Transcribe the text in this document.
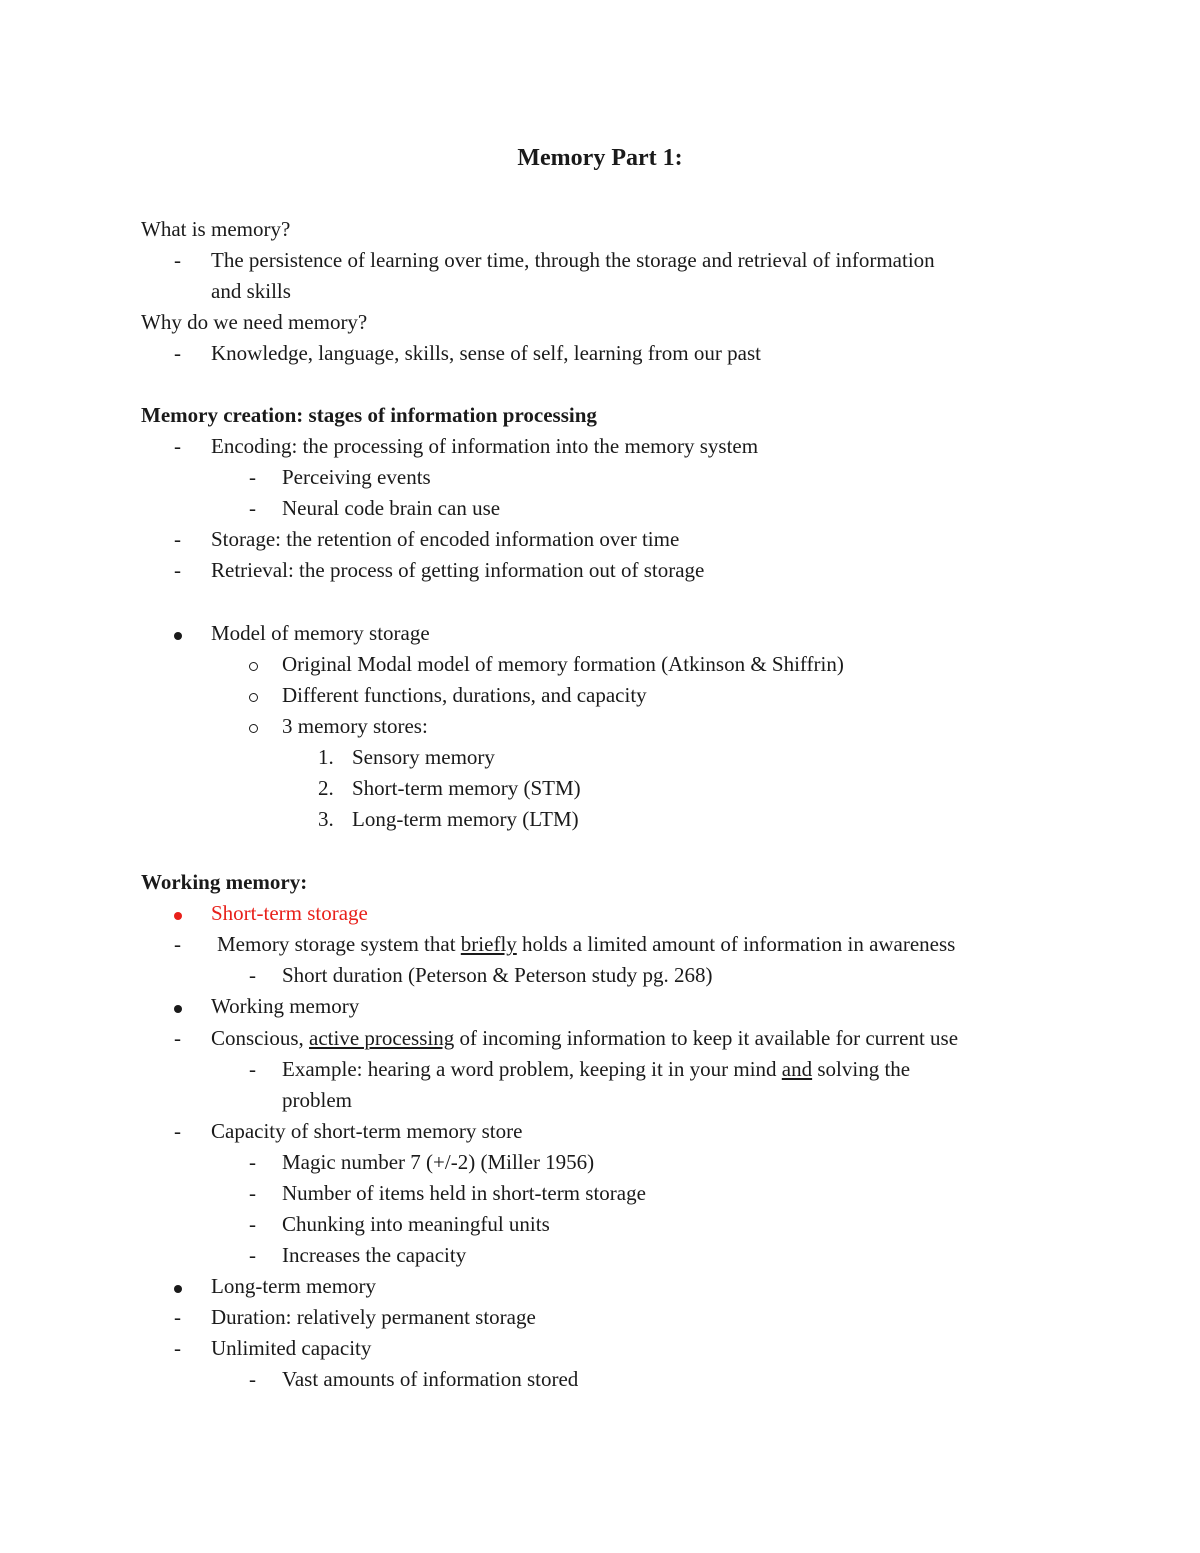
Memory Part 1:
What is memory?
- The persistence of learning over time, through the storage and retrieval of information
and skills
Why do we need memory?
- Knowledge, language, skills, sense of self, learning from our past
Memory creation: stages of information processing
- Encoding: the processing of information into the memory system
- Perceiving events
- Neural code brain can use
- Storage: the retention of encoded information over time
- Retrieval: the process of getting information out of storage
Model of memory storage
Original Modal model of memory formation (Atkinson & Shiffrin)
Different functions, durations, and capacity
3 memory stores:
1. Sensory memory
2. Short-term memory (STM)
3. Long-term memory (LTM)
Working memory:
Short-term storage
- Memory storage system that briefly holds a limited amount of information in awareness
- Short duration (Peterson & Peterson study pg. 268)
Working memory
- Conscious, active processing of incoming information to keep it available for current use
- Example: hearing a word problem, keeping it in your mind and solving the
problem
- Capacity of short-term memory store
- Magic number 7 (+/-2) (Miller 1956)
- Number of items held in short-term storage
- Chunking into meaningful units
- Increases the capacity
Long-term memory
- Duration: relatively permanent storage
- Unlimited capacity
- Vast amounts of information stored
